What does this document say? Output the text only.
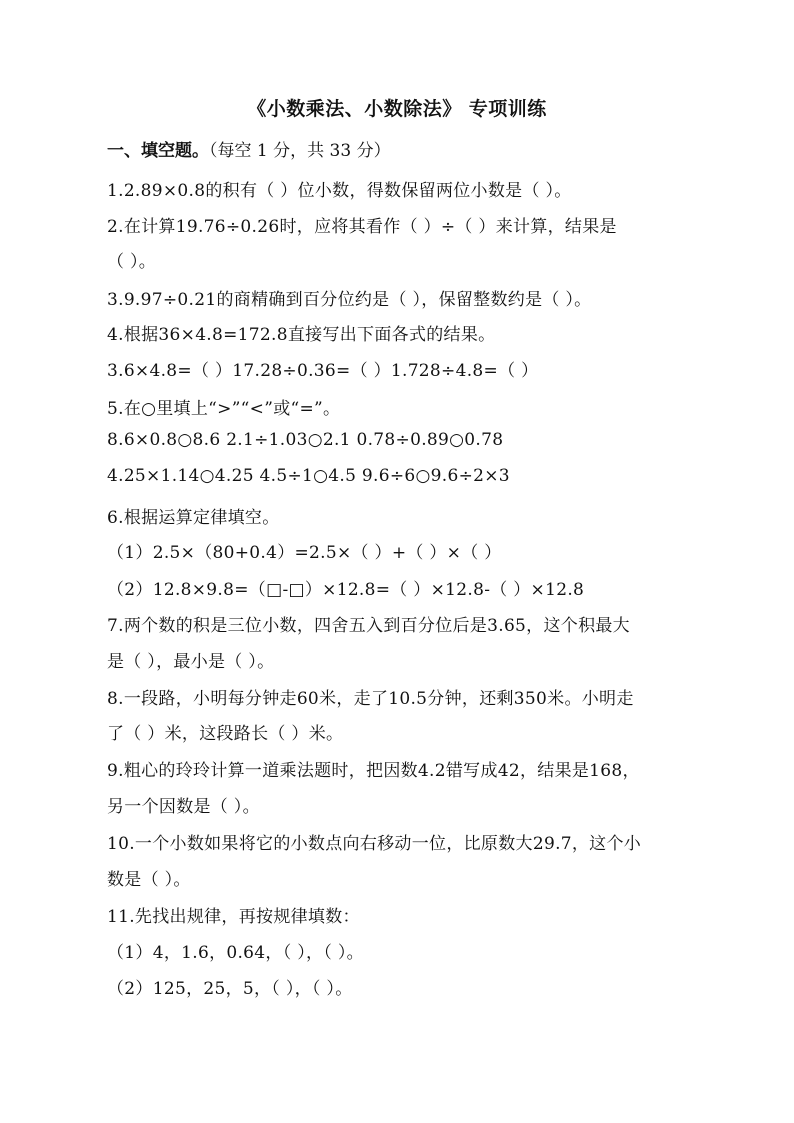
《小数乘法、小数除法》 专项训练
一、填空题。（每空 1 分，共 33 分）
1.2.89×0.8的积有（ ）位小数，得数保留两位小数是（ ）。
2.在计算19.76÷0.26时，应将其看作（ ）÷（ ）来计算，结果是
（ ）。
3.9.97÷0.21的商精确到百分位约是（ ），保留整数约是（ ）。
4.根据36×4.8=172.8直接写出下面各式的结果。
3.6×4.8=（ ）17.28÷0.36=（ ）1.728÷4.8=（ ）
5.在○里填上“>”“<”或“=”。
8.6×0.8○8.6 2.1÷1.03○2.1 0.78÷0.89○0.78
4.25×1.14○4.25 4.5÷1○4.5 9.6÷6○9.6÷2×3
6.根据运算定律填空。
（1）2.5×（80+0.4）=2.5×（ ）+（ ）×（ ）
（2）12.8×9.8=（□-□）×12.8=（ ）×12.8-（ ）×12.8
7.两个数的积是三位小数，四舍五入到百分位后是3.65，这个积最大
是（ ），最小是（ ）。
8.一段路，小明每分钟走60米，走了10.5分钟，还剩350米。小明走
了（ ）米，这段路长（ ）米。
9.粗心的玲玲计算一道乘法题时，把因数4.2错写成42，结果是168，
另一个因数是（ ）。
10.一个小数如果将它的小数点向右移动一位，比原数大29.7，这个小
数是（ ）。
11.先找出规律，再按规律填数：
（1）4，1.6，0.64，（ ），（ ）。
（2）125，25，5，（ ），（ ）。
